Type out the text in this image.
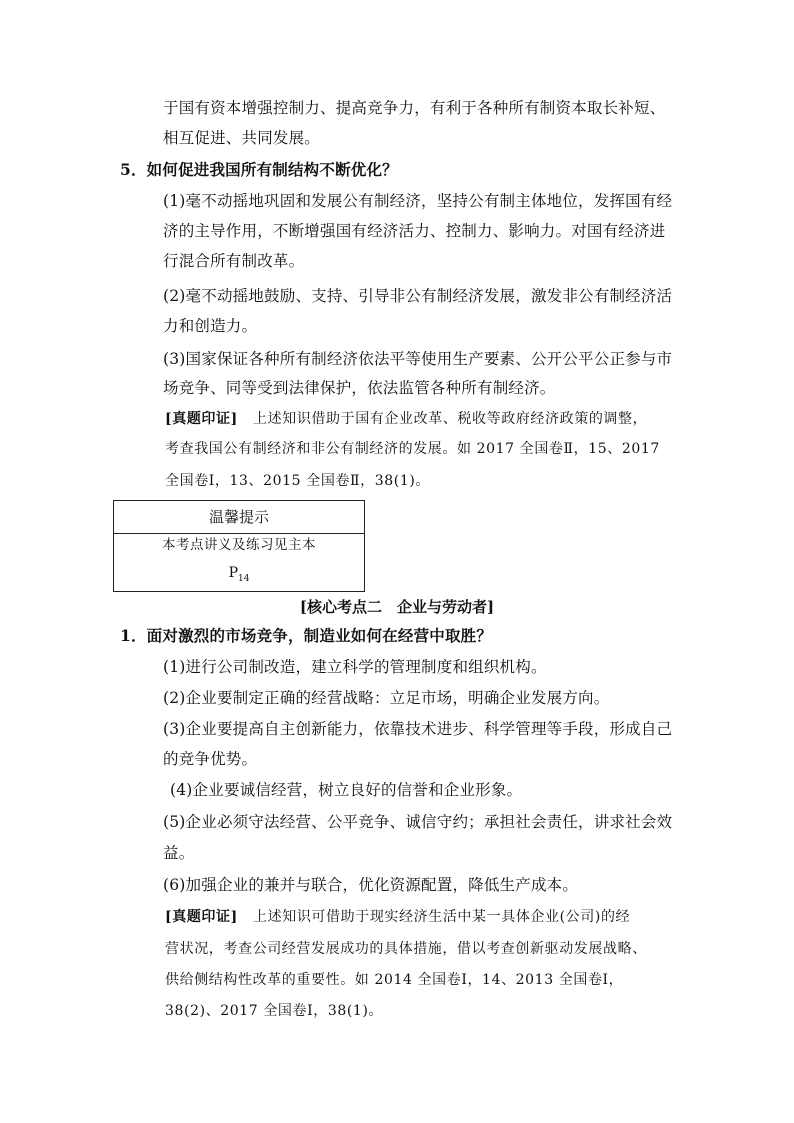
于国有资本增强控制力、提高竞争力，有利于各种所有制资本取长补短、
相互促进、共同发展。
5．如何促进我国所有制结构不断优化？
(1)毫不动摇地巩固和发展公有制经济，坚持公有制主体地位，发挥国有经
济的主导作用，不断增强国有经济活力、控制力、影响力。对国有经济进
行混合所有制改革。
(2)毫不动摇地鼓励、支持、引导非公有制经济发展，激发非公有制经济活
力和创造力。
(3)国家保证各种所有制经济依法平等使用生产要素、公开公平公正参与市
场竞争、同等受到法律保护，依法监管各种所有制经济。
[真题印证] 上述知识借助于国有企业改革、税收等政府经济政策的调整，
考查我国公有制经济和非公有制经济的发展。如 2017 全国卷Ⅱ，15、2017
全国卷Ⅰ，13、2015 全国卷Ⅱ，38(1)。
温馨提示
本考点讲义及练习见主本
$P_{14}$
[核心考点二　企业与劳动者]
1．面对激烈的市场竞争，制造业如何在经营中取胜？
(1)进行公司制改造，建立科学的管理制度和组织机构。
(2)企业要制定正确的经营战略：立足市场，明确企业发展方向。
(3)企业要提高自主创新能力，依靠技术进步、科学管理等手段，形成自己
的竞争优势。
(4)企业要诚信经营，树立良好的信誉和企业形象。
(5)企业必须守法经营、公平竞争、诚信守约；承担社会责任，讲求社会效
益。
(6)加强企业的兼并与联合，优化资源配置，降低生产成本。
[真题印证] 上述知识可借助于现实经济生活中某一具体企业(公司)的经
营状况，考查公司经营发展成功的具体措施，借以考查创新驱动发展战略、
供给侧结构性改革的重要性。如 2014 全国卷Ⅰ，14、2013 全国卷Ⅰ，
38(2)、2017 全国卷Ⅰ，38(1)。
